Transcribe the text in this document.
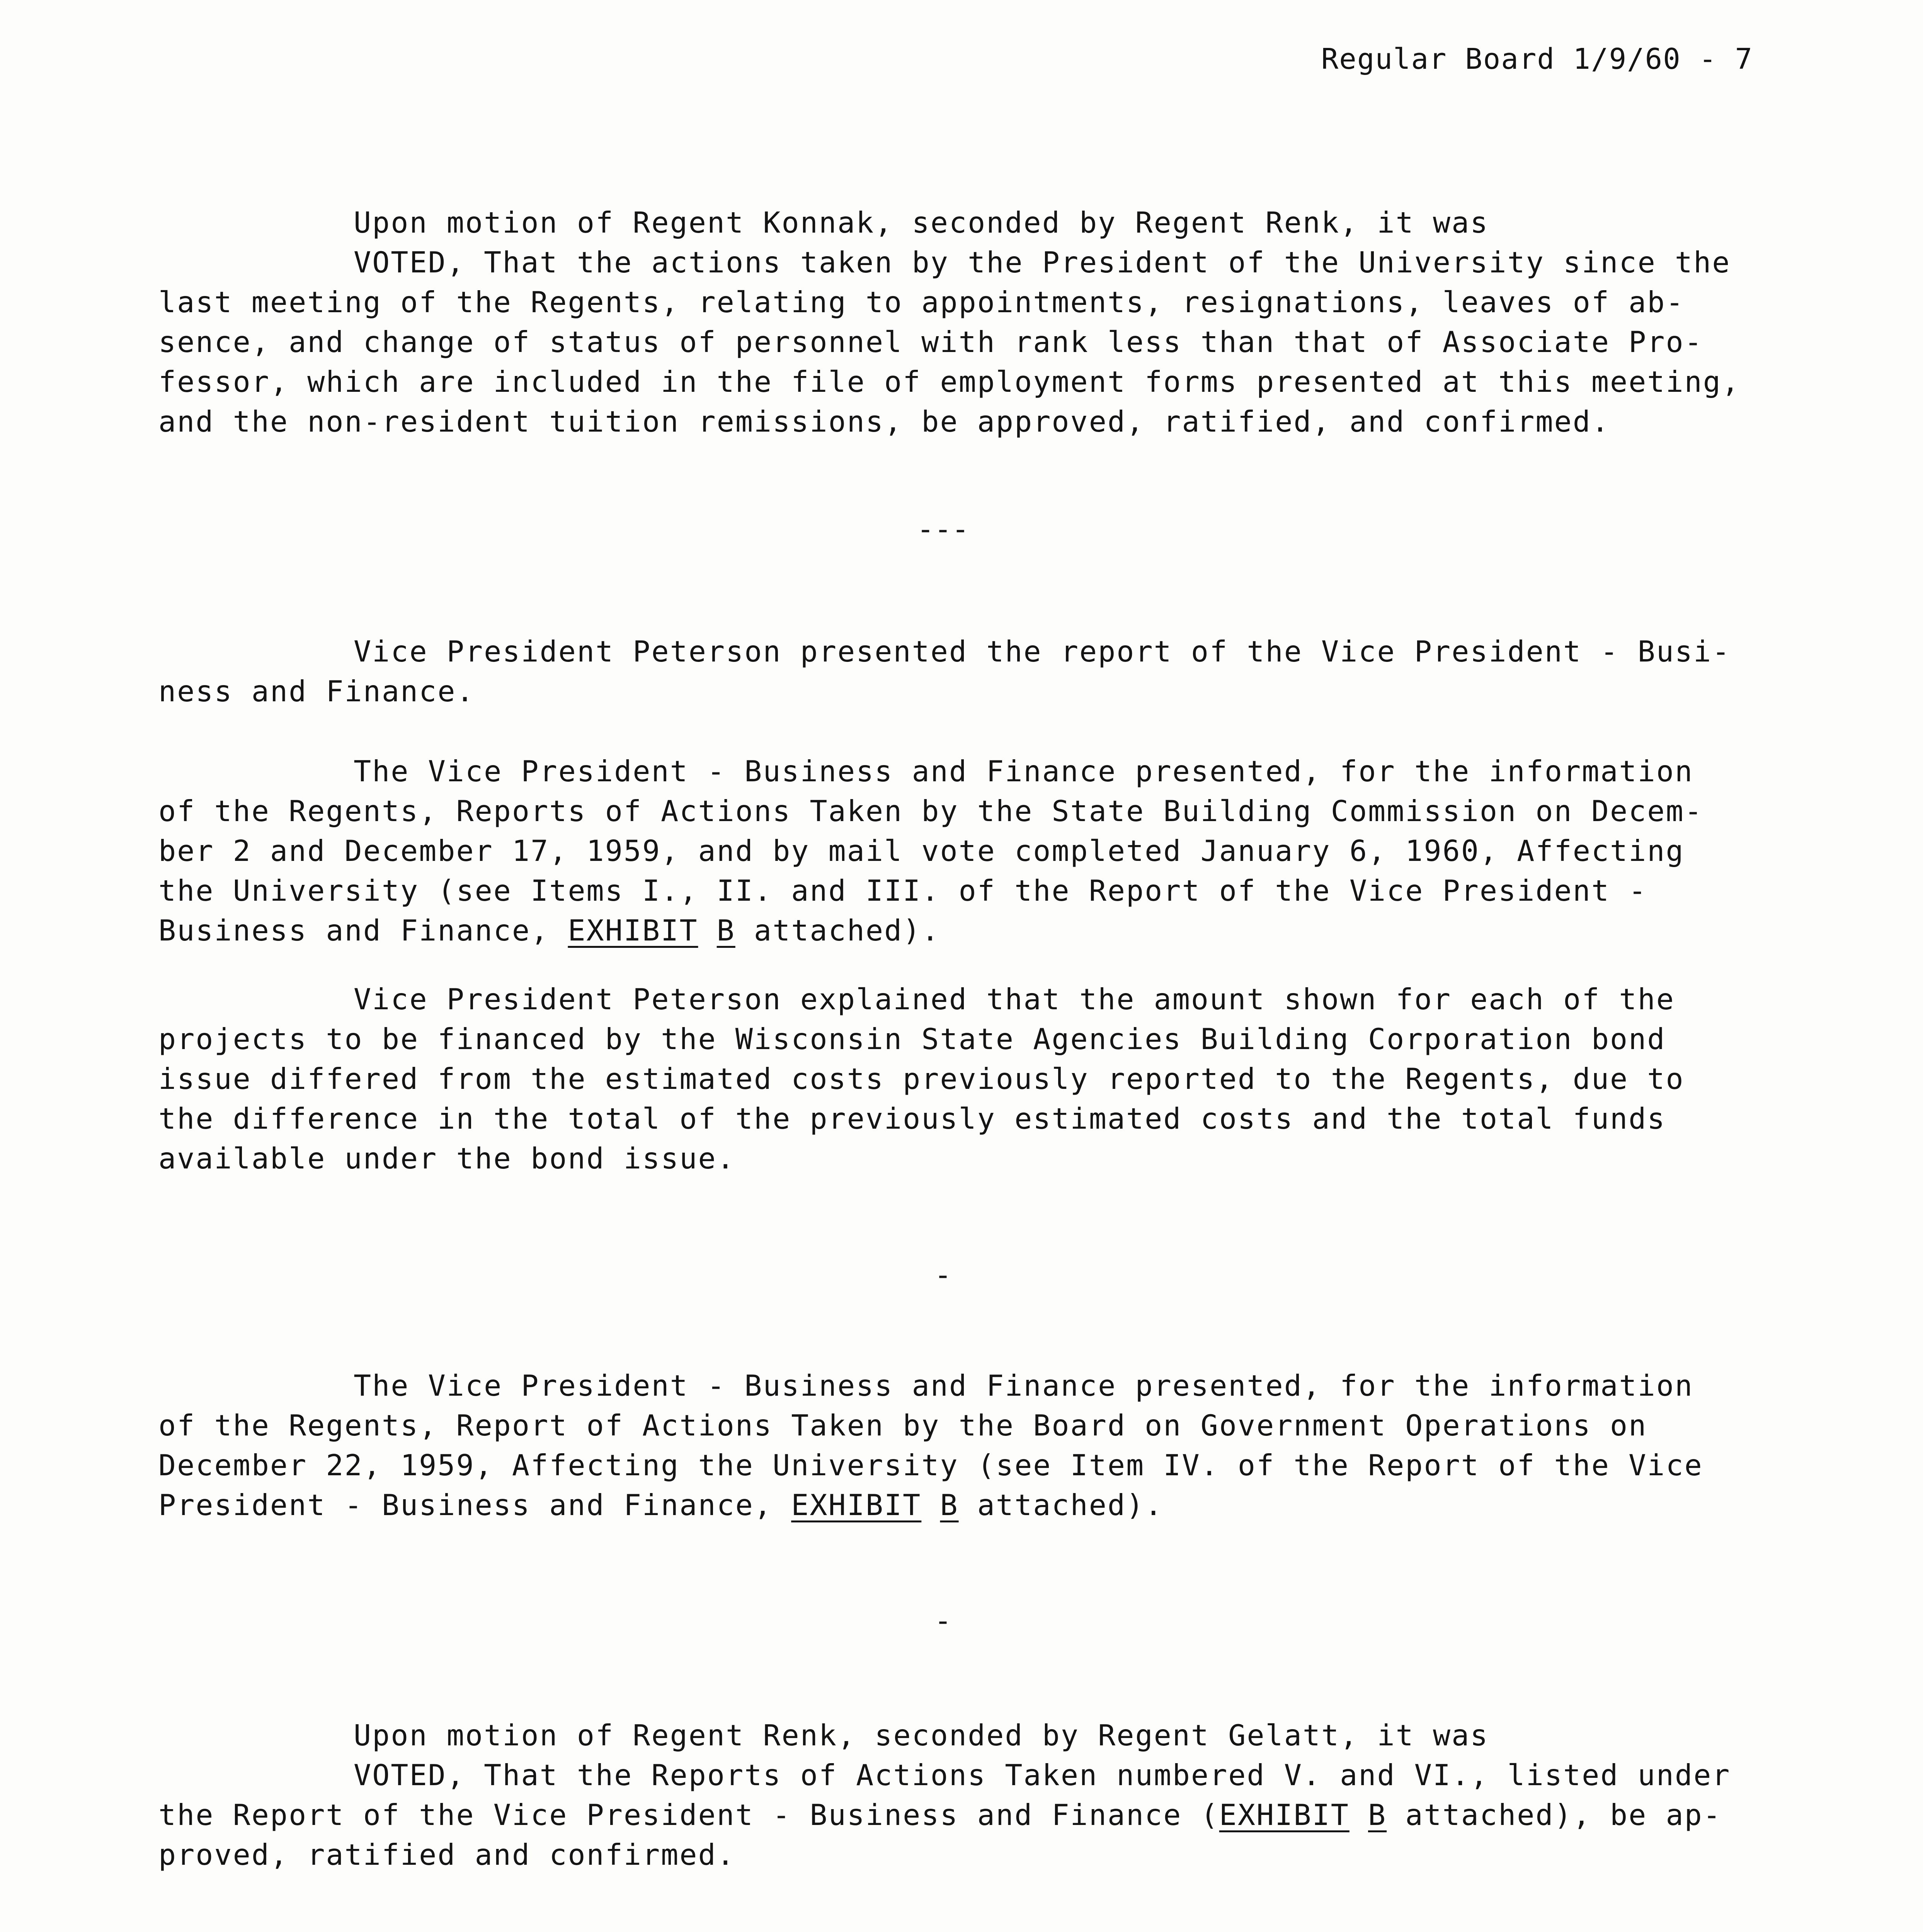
Regular Board 1/9/60 - 7
Upon motion of Regent Konnak, seconded by Regent Renk, it was
VOTED, That the actions taken by the President of the University since the
last meeting of the Regents, relating to appointments, resignations, leaves of ab-
sence, and change of status of personnel with rank less than that of Associate Pro-
fessor, which are included in the file of employment forms presented at this meeting,
and the non-resident tuition remissions, be approved, ratified, and confirmed.
---
Vice President Peterson presented the report of the Vice President - Busi-
ness and Finance.
The Vice President - Business and Finance presented, for the information
of the Regents, Reports of Actions Taken by the State Building Commission on Decem-
ber 2 and December 17, 1959, and by mail vote completed January 6, 1960, Affecting
the University (see Items I., II. and III. of the Report of the Vice President -
Business and Finance, EXHIBIT B attached).
Vice President Peterson explained that the amount shown for each of the
projects to be financed by the Wisconsin State Agencies Building Corporation bond
issue differed from the estimated costs previously reported to the Regents, due to
the difference in the total of the previously estimated costs and the total funds
available under the bond issue.
-
The Vice President - Business and Finance presented, for the information
of the Regents, Report of Actions Taken by the Board on Government Operations on
December 22, 1959, Affecting the University (see Item IV. of the Report of the Vice
President - Business and Finance, EXHIBIT B attached).
-
Upon motion of Regent Renk, seconded by Regent Gelatt, it was
VOTED, That the Reports of Actions Taken numbered V. and VI., listed under
the Report of the Vice President - Business and Finance (EXHIBIT B attached), be ap-
proved, ratified and confirmed.
